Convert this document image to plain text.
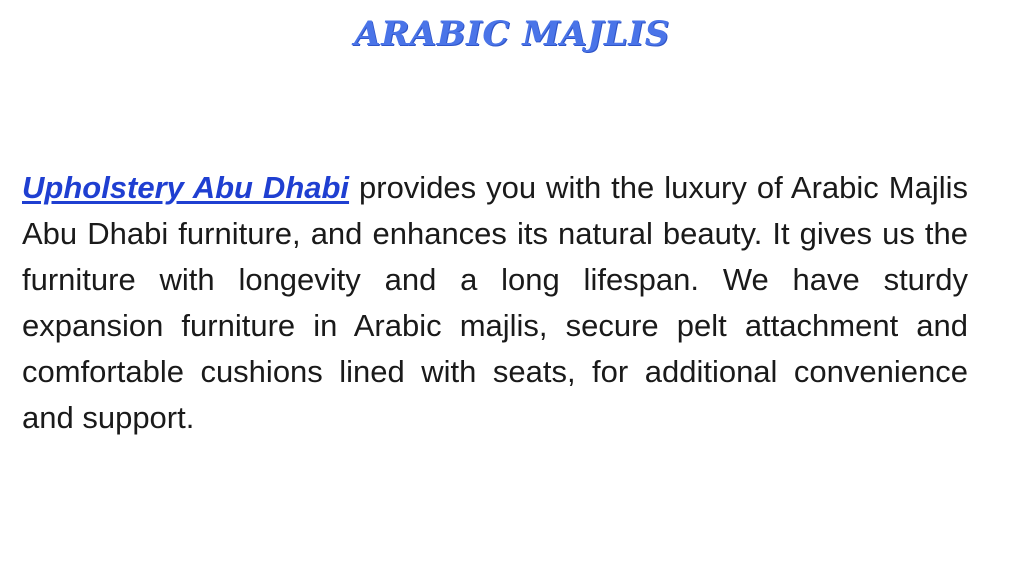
ARABIC MAJLIS

Upholstery Abu Dhabi provides you with the luxury of Arabic Majlis Abu Dhabi furniture, and enhances its natural beauty. It gives us the furniture with longevity and a long lifespan. We have sturdy expansion furniture in Arabic majlis, secure pelt attachment and comfortable cushions lined with seats, for additional convenience and support.
